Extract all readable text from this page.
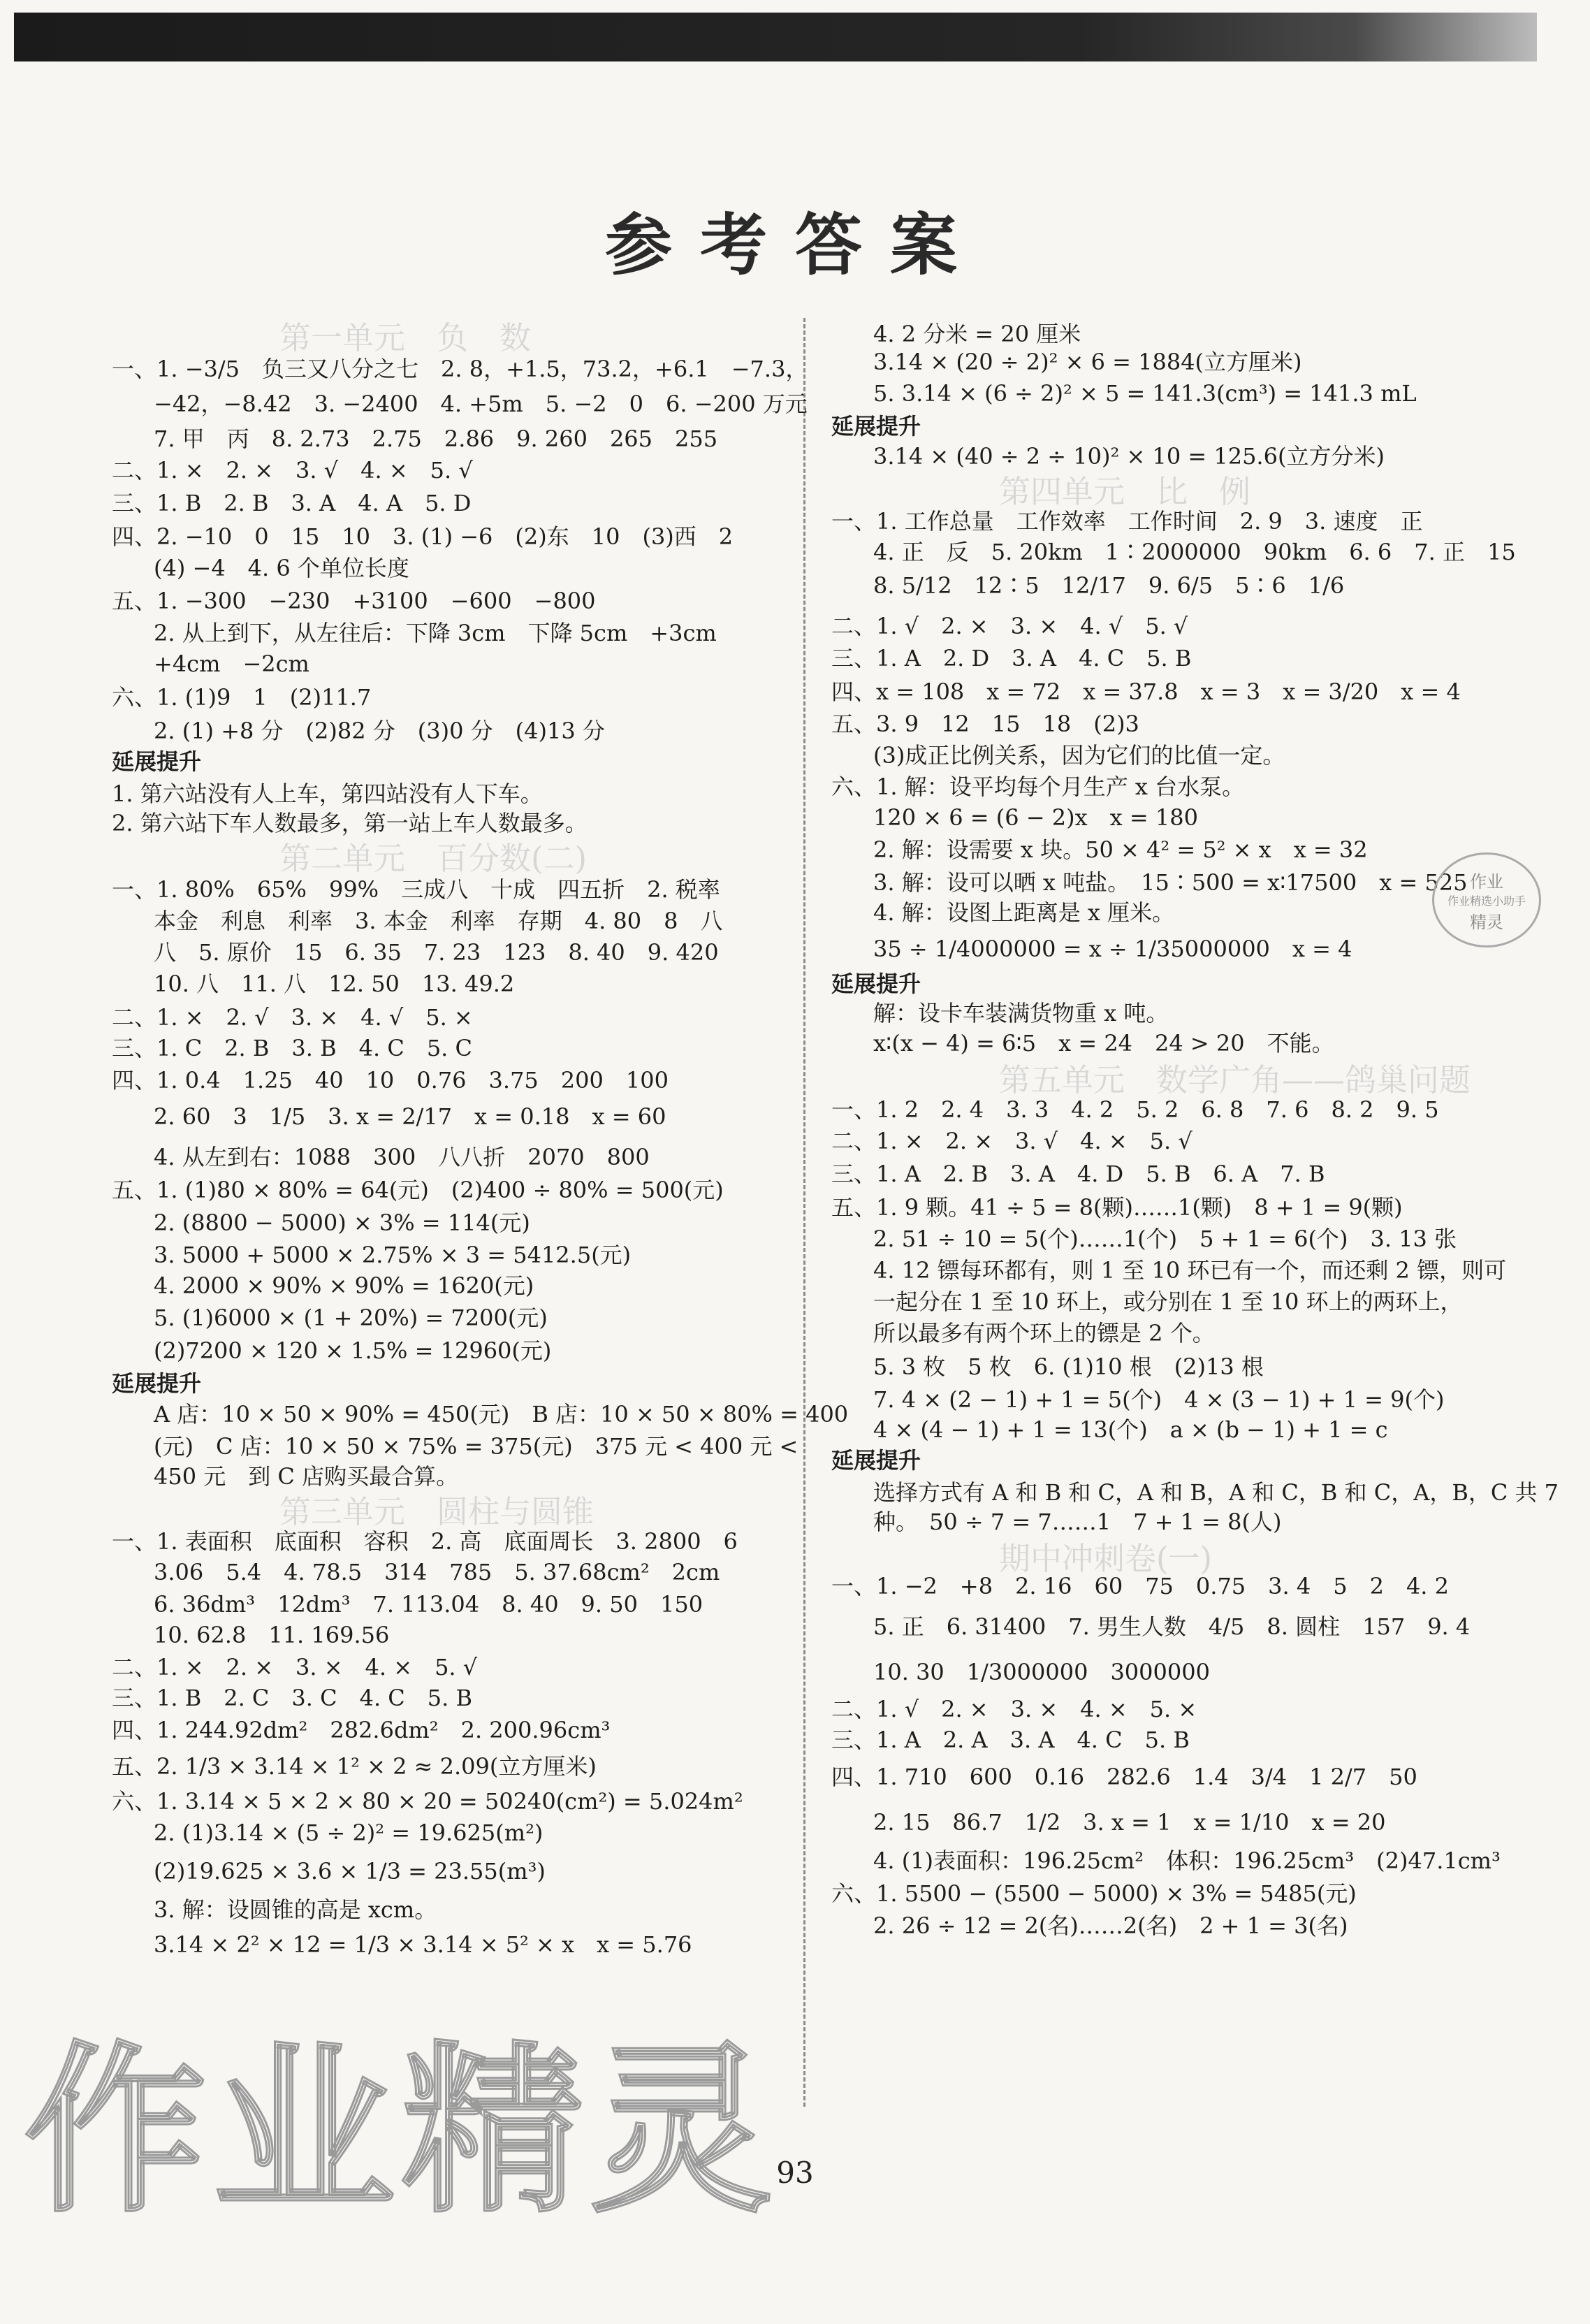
参考答案
第一单元　负　数
一、1. −3/5　负三又八分之七　2. 8，+1.5，73.2，+6.1　−7.3，
−42，−8.42　3. −2400　4. +5m　5. −2　0　6. −200 万元
7. 甲　丙　8. 2.73　2.75　2.86　9. 260　265　255
二、1. ×　2. ×　3. √　4. ×　5. √
三、1. B　2. B　3. A　4. A　5. D
四、2. −10　0　15　10　3. (1) −6　(2)东　10　(3)西　2
(4) −4　4. 6 个单位长度
五、1. −300　−230　+3100　−600　−800
2. 从上到下，从左往后：下降 3cm　下降 5cm　+3cm
+4cm　−2cm
六、1. (1)9　1　(2)11.7
2. (1) +8 分　(2)82 分　(3)0 分　(4)13 分
延展提升
1. 第六站没有人上车，第四站没有人下车。
2. 第六站下车人数最多，第一站上车人数最多。
第二单元　百分数(二)
一、1. 80%　65%　99%　三成八　十成　四五折　2. 税率
本金　利息　利率　3. 本金　利率　存期　4. 80　8　八
八　5. 原价　15　6. 35　7. 23　123　8. 40　9. 420
10. 八　11. 八　12. 50　13. 49.2
二、1. ×　2. √　3. ×　4. √　5. ×
三、1. C　2. B　3. B　4. C　5. C
四、1. 0.4　1.25　40　10　0.76　3.75　200　100
2. 60　3　1/5　3. x = 2/17　x = 0.18　x = 60
4. 从左到右：1088　300　八八折　2070　800
五、1. (1)80 × 80% = 64(元)　(2)400 ÷ 80% = 500(元)
2. (8800 − 5000) × 3% = 114(元)
3. 5000 + 5000 × 2.75% × 3 = 5412.5(元)
4. 2000 × 90% × 90% = 1620(元)
5. (1)6000 × (1 + 20%) = 7200(元)
(2)7200 × 120 × 1.5% = 12960(元)
延展提升
A 店：10 × 50 × 90% = 450(元)　B 店：10 × 50 × 80% = 400
(元)　C 店：10 × 50 × 75% = 375(元)　375 元 < 400 元 <
450 元　到 C 店购买最合算。
第三单元　圆柱与圆锥
一、1. 表面积　底面积　容积　2. 高　底面周长　3. 2800　6
3.06　5.4　4. 78.5　314　785　5. 37.68cm²　2cm
6. 36dm³　12dm³　7. 113.04　8. 40　9. 50　150
10. 62.8　11. 169.56
二、1. ×　2. ×　3. ×　4. ×　5. √
三、1. B　2. C　3. C　4. C　5. B
四、1. 244.92dm²　282.6dm²　2. 200.96cm³
五、2. 1/3 × 3.14 × 1² × 2 ≈ 2.09(立方厘米)
六、1. 3.14 × 5 × 2 × 80 × 20 = 50240(cm²) = 5.024m²
2. (1)3.14 × (5 ÷ 2)² = 19.625(m²)
(2)19.625 × 3.6 × 1/3 = 23.55(m³)
3. 解：设圆锥的高是 xcm。
3.14 × 2² × 12 = 1/3 × 3.14 × 5² × x　x = 5.76
4. 2 分米 = 20 厘米
3.14 × (20 ÷ 2)² × 6 = 1884(立方厘米)
5. 3.14 × (6 ÷ 2)² × 5 = 141.3(cm³) = 141.3 mL
延展提升
3.14 × (40 ÷ 2 ÷ 10)² × 10 = 125.6(立方分米)
第四单元　比　例
一、1. 工作总量　工作效率　工作时间　2. 9　3. 速度　正
4. 正　反　5. 20km　1∶2000000　90km　6. 6　7. 正　15
8. 5/12　12∶5　12/17　9. 6/5　5∶6　1/6
二、1. √　2. ×　3. ×　4. √　5. √
三、1. A　2. D　3. A　4. C　5. B
四、x = 108　x = 72　x = 37.8　x = 3　x = 3/20　x = 4
五、3. 9　12　15　18　(2)3
(3)成正比例关系，因为它们的比值一定。
六、1. 解：设平均每个月生产 x 台水泵。
120 × 6 = (6 − 2)x　x = 180
2. 解：设需要 x 块。50 × 4² = 5² × x　x = 32
3. 解：设可以晒 x 吨盐。　15∶500 = x∶17500　x = 525
4. 解：设图上距离是 x 厘米。
35 ÷ 1/4000000 = x ÷ 1/35000000　x = 4
延展提升
解：设卡车装满货物重 x 吨。
x∶(x − 4) = 6∶5　x = 24　24 > 20　不能。
第五单元　数学广角——鸽巢问题
一、1. 2　2. 4　3. 3　4. 2　5. 2　6. 8　7. 6　8. 2　9. 5
二、1. ×　2. ×　3. √　4. ×　5. √
三、1. A　2. B　3. A　4. D　5. B　6. A　7. B
五、1. 9 颗。41 ÷ 5 = 8(颗)……1(颗)　8 + 1 = 9(颗)
2. 51 ÷ 10 = 5(个)……1(个)　5 + 1 = 6(个)　3. 13 张
4. 12 镖每环都有，则 1 至 10 环已有一个，而还剩 2 镖，则可
一起分在 1 至 10 环上，或分别在 1 至 10 环上的两环上，
所以最多有两个环上的镖是 2 个。
5. 3 枚　5 枚　6. (1)10 根　(2)13 根
7. 4 × (2 − 1) + 1 = 5(个)　4 × (3 − 1) + 1 = 9(个)
4 × (4 − 1) + 1 = 13(个)　a × (b − 1) + 1 = c
延展提升
选择方式有 A 和 B 和 C，A 和 B，A 和 C，B 和 C，A，B，C 共 7
种。　50 ÷ 7 = 7……1　7 + 1 = 8(人)
期中冲刺卷(一)
一、1. −2　+8　2. 16　60　75　0.75　3. 4　5　2　4. 2
5. 正　6. 31400　7. 男生人数　4/5　8. 圆柱　157　9. 4
10. 30　1/3000000　3000000
二、1. √　2. ×　3. ×　4. ×　5. ×
三、1. A　2. A　3. A　4. C　5. B
四、1. 710　600　0.16　282.6　1.4　3/4　1 2/7　50
2. 15　86.7　1/2　3. x = 1　x = 1/10　x = 20
4. (1)表面积：196.25cm²　体积：196.25cm³　(2)47.1cm³
六、1. 5500 − (5500 − 5000) × 3% = 5485(元)
2. 26 ÷ 12 = 2(名)……2(名)　2 + 1 = 3(名)
作业
作业精选小助手
精灵
93
作业精灵
